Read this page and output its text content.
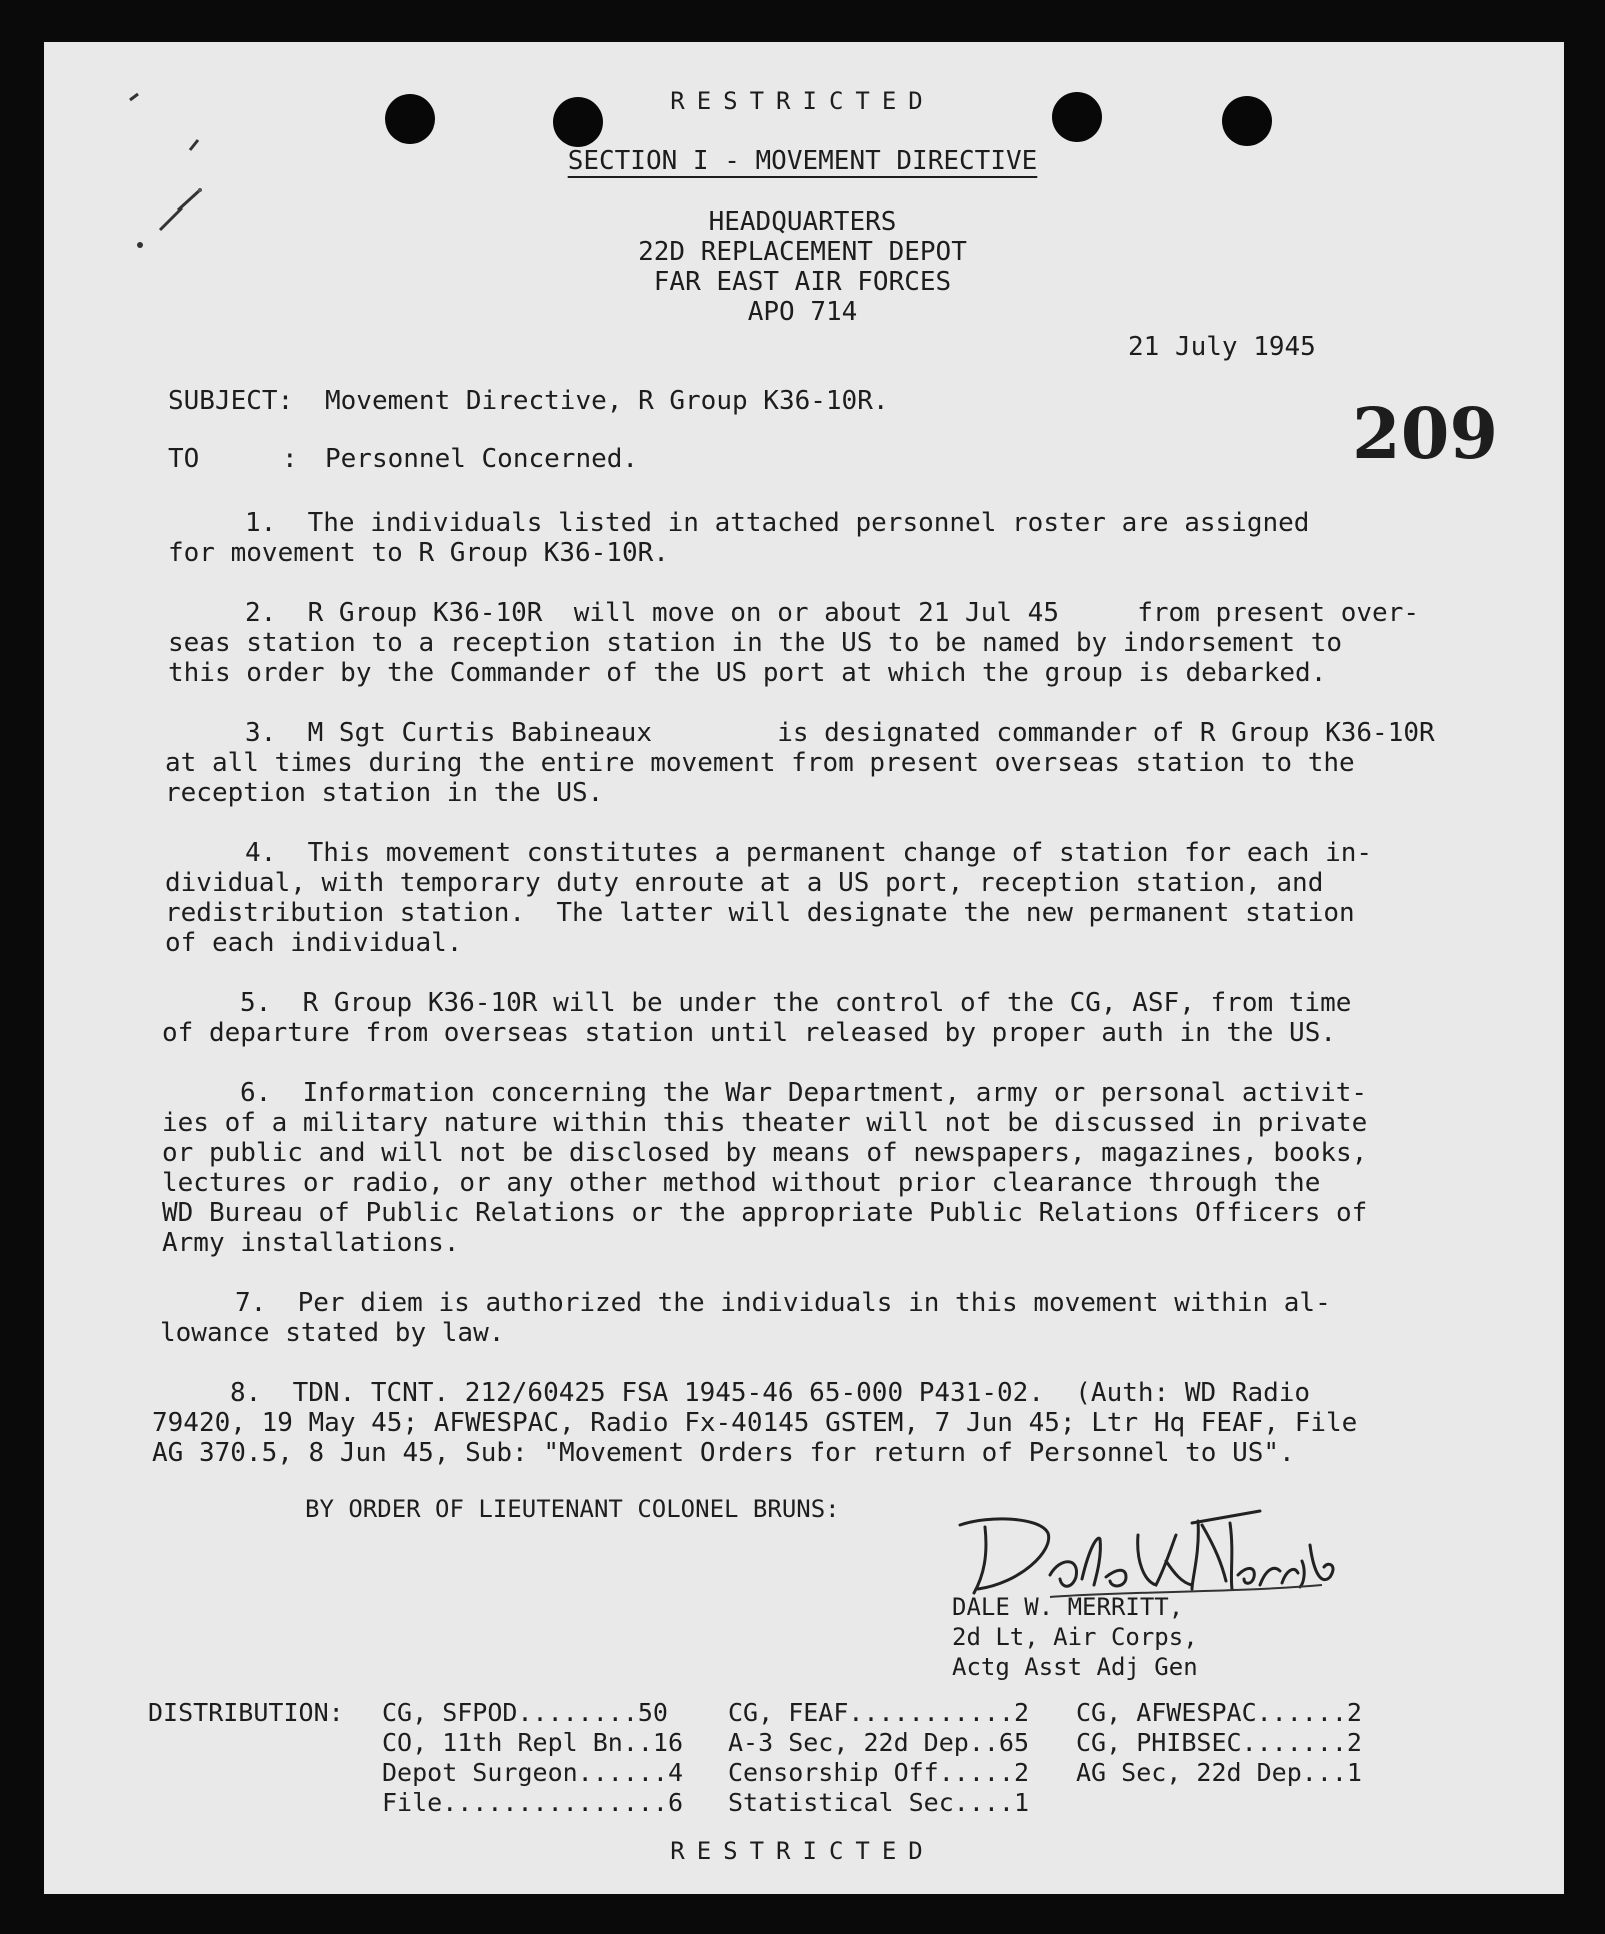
RESTRICTED
SECTION I - MOVEMENT DIRECTIVE
HEADQUARTERS
22D REPLACEMENT DEPOT
FAR EAST AIR FORCES
APO 714
21 July 1945
209
SUBJECT: Movement Directive, R Group K36-10R.
TO	: Personnel Concerned.
1.  The individuals listed in attached personnel roster are assigned
for movement to R Group K36-10R.
2.  R Group K36-10R  will move on or about 21 Jul 45     from present over-
seas station to a reception station in the US to be named by indorsement to
this order by the Commander of the US port at which the group is debarked.
3.  M Sgt Curtis Babineaux        is designated commander of R Group K36-10R
at all times during the entire movement from present overseas station to the
reception station in the US.
4.  This movement constitutes a permanent change of station for each in-
dividual, with temporary duty enroute at a US port, reception station, and
redistribution station.  The latter will designate the new permanent station
of each individual.
5.  R Group K36-10R will be under the control of the CG, ASF, from time
of departure from overseas station until released by proper auth in the US.
6.  Information concerning the War Department, army or personal activit-
ies of a military nature within this theater will not be discussed in private
or public and will not be disclosed by means of newspapers, magazines, books,
lectures or radio, or any other method without prior clearance through the
WD Bureau of Public Relations or the appropriate Public Relations Officers of
Army installations.
7.  Per diem is authorized the individuals in this movement within al-
lowance stated by law.
8.  TDN. TCNT. 212/60425 FSA 1945-46 65-000 P431-02.  (Auth: WD Radio
79420, 19 May 45; AFWESPAC, Radio Fx-40145 GSTEM, 7 Jun 45; Ltr Hq FEAF, File
AG 370.5, 8 Jun 45, Sub: "Movement Orders for return of Personnel to US".
BY ORDER OF LIEUTENANT COLONEL BRUNS:
DALE W. MERRITT,
2d Lt, Air Corps,
Actg Asst Adj Gen
DISTRIBUTION: CG, SFPOD........50
CO, 11th Repl Bn..16
Depot Surgeon......4
File...............6
CG, FEAF...........2
A-3 Sec, 22d Dep..65
Censorship Off.....2
Statistical Sec....1
CG, AFWESPAC......2
CG, PHIBSEC.......2
AG Sec, 22d Dep...1
RESTRICTED
